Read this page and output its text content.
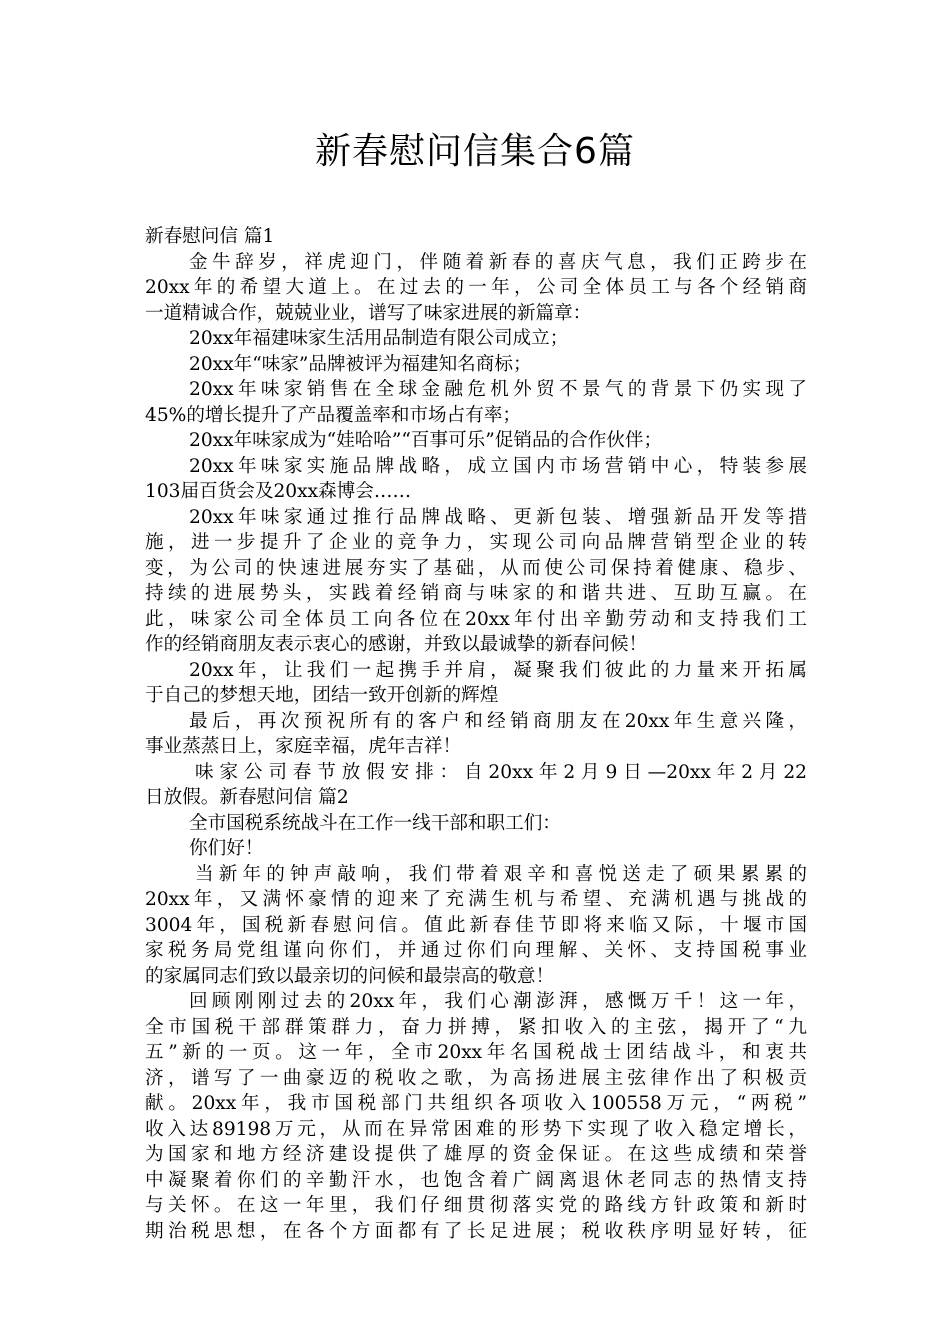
新春慰问信集合6篇
新春慰问信 篇1
金牛辞岁，祥虎迎门，伴随着新春的喜庆气息，我们正跨步在
20xx年的希望大道上。在过去的一年，公司全体员工与各个经销商
一道精诚合作，兢兢业业，谱写了味家进展的新篇章：
20xx年福建味家生活用品制造有限公司成立；
20xx年“味家”品牌被评为福建知名商标；
20xx年味家销售在全球金融危机外贸不景气的背景下仍实现了
45%的增长提升了产品覆盖率和市场占有率；
20xx年味家成为“娃哈哈”“百事可乐”促销品的合作伙伴；
20xx年味家实施品牌战略，成立国内市场营销中心，特装参展
103届百货会及20xx森博会……
20xx年味家通过推行品牌战略、更新包装、增强新品开发等措
施，进一步提升了企业的竞争力，实现公司向品牌营销型企业的转
变，为公司的快速进展夯实了基础，从而使公司保持着健康、稳步、
持续的进展势头，实践着经销商与味家的和谐共进、互助互赢。在
此，味家公司全体员工向各位在20xx年付出辛勤劳动和支持我们工
作的经销商朋友表示衷心的感谢，并致以最诚挚的新春问候！
20xx年，让我们一起携手并肩，凝聚我们彼此的力量来开拓属
于自己的梦想天地，团结一致开创新的辉煌
最后，再次预祝所有的客户和经销商朋友在20xx年生意兴隆，
事业蒸蒸日上，家庭幸福，虎年吉祥！
味家公司春节放假安排：自20xx年2月9日—20xx年2月22
日放假。新春慰问信 篇2
全市国税系统战斗在工作一线干部和职工们：
你们好！
当新年的钟声敲响，我们带着艰辛和喜悦送走了硕果累累的
20xx年，又满怀豪情的迎来了充满生机与希望、充满机遇与挑战的
3004年，国税新春慰问信。值此新春佳节即将来临又际，十堰市国
家税务局党组谨向你们，并通过你们向理解、关怀、支持国税事业
的家属同志们致以最亲切的问候和最崇高的敬意！
回顾刚刚过去的20xx年，我们心潮澎湃，感慨万千！这一年，
全市国税干部群策群力，奋力拼搏，紧扣收入的主弦，揭开了“九
五”新的一页。这一年，全市20xx年名国税战士团结战斗，和衷共
济，谱写了一曲豪迈的税收之歌，为高扬进展主弦律作出了积极贡
献。20xx年，我市国税部门共组织各项收入100558万元，“两税”
收入达89198万元，从而在异常困难的形势下实现了收入稳定增长，
为国家和地方经济建设提供了雄厚的资金保证。在这些成绩和荣誉
中凝聚着你们的辛勤汗水，也饱含着广阔离退休老同志的热情支持
与关怀。在这一年里，我们仔细贯彻落实党的路线方针政策和新时
期治税思想，在各个方面都有了长足进展；税收秩序明显好转，征
